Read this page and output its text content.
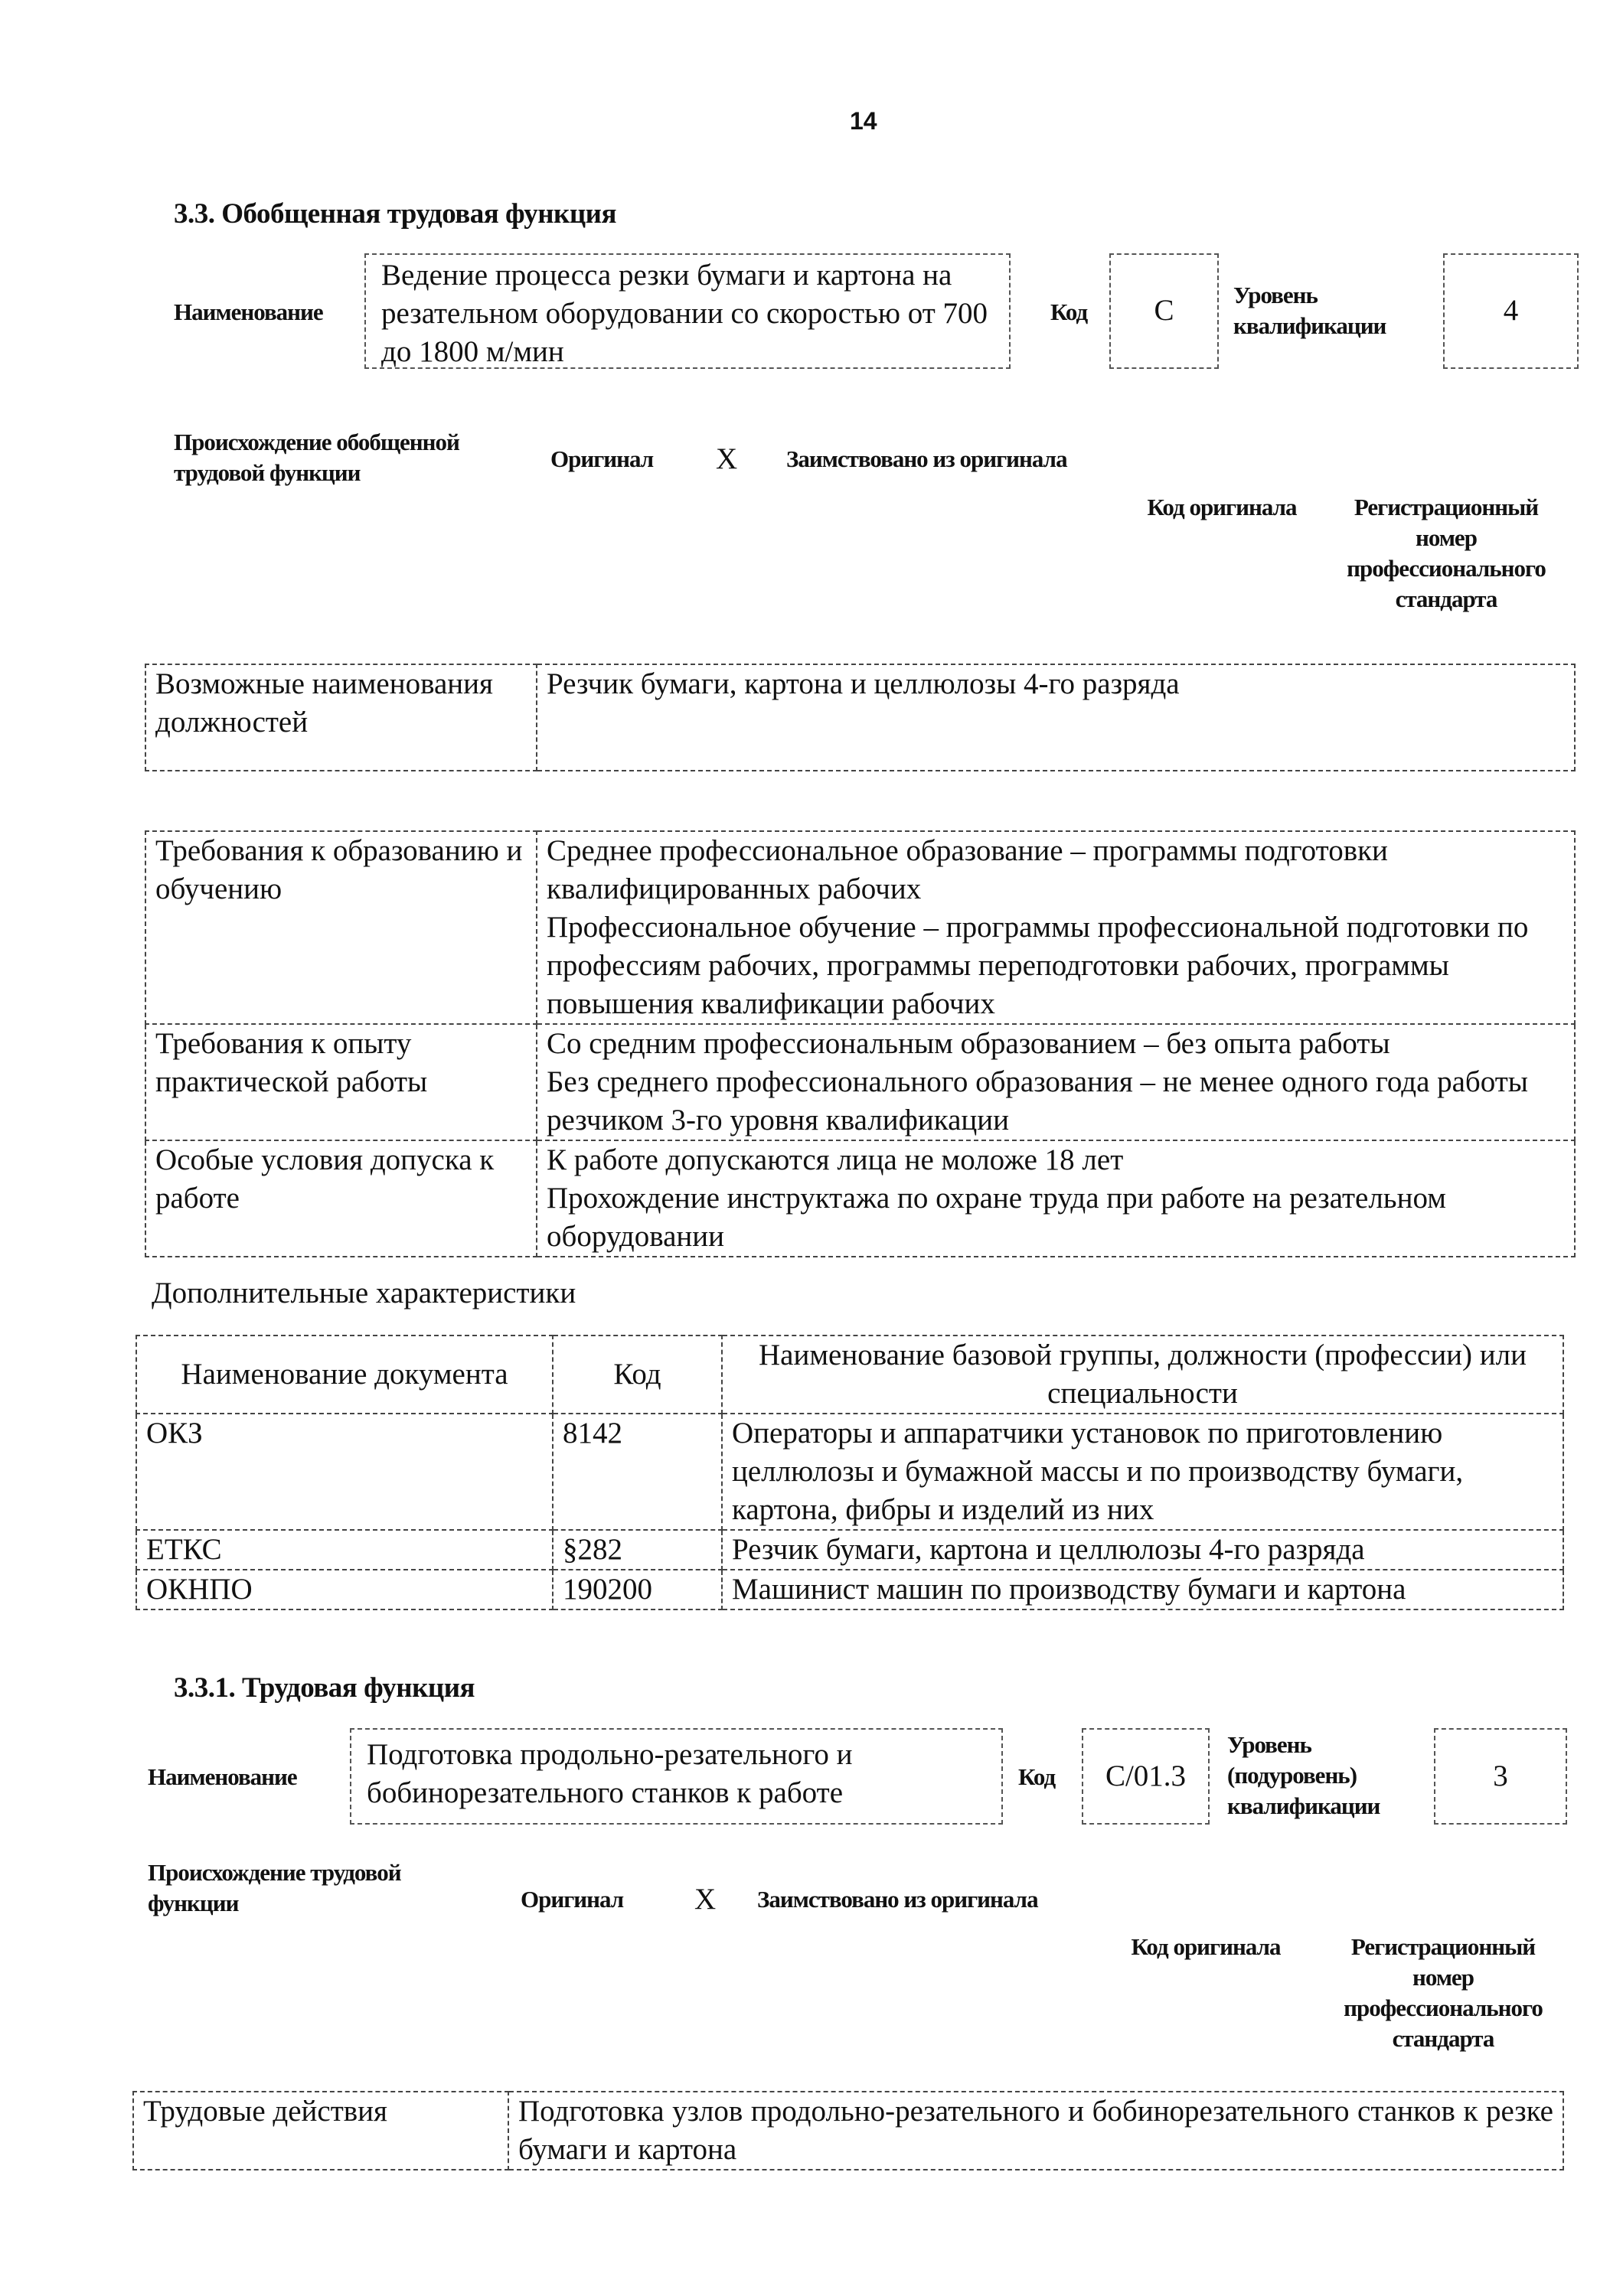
14
3.3. Обобщенная трудовая функция
Наименование
Ведение процесса резки бумаги и картона на резательном оборудовании со скоростью от 700 до 1800 м/мин
Код	C	Уровень квалификации	4
Происхождение обобщенной трудовой функции
Оригинал X Заимствовано из оригинала
Код оригинала	Регистрационный номер профессионального стандарта
Возможные наименования должностей	Резчик бумаги, картона и целлюлозы 4-го разряда
Требования к образованию и обучению	Среднее профессиональное образование – программы подготовки квалифицированных рабочих
Профессиональное обучение – программы профессиональной подготовки по профессиям рабочих, программы переподготовки рабочих, программы повышения квалификации рабочих

Требования к опыту практической работы	Со средним профессиональным образованием – без опыта работы
Без среднего профессионального образования – не менее одного года работы резчиком 3-го уровня квалификации

Особые условия допуска к работе	К работе допускаются лица не моложе 18 лет
Прохождение инструктажа по охране труда при работе на резательном оборудовании
Дополнительные характеристики
Наименование документа	Код	Наименование базовой группы, должности (профессии) или специальности
ОКЗ	8142	Операторы и аппаратчики установок по приготовлению целлюлозы и бумажной массы и по производству бумаги, картона, фибры и изделий из них
ЕТКС	§282	Резчик бумаги, картона и целлюлозы 4-го разряда
ОКНПО	190200	Машинист машин по производству бумаги и картона
3.3.1. Трудовая функция
Наименование
Подготовка продольно-резательного и бобинорезательного станков к работе	Код	C/01.3
Уровень (подуровень) квалификации
3
Происхождение трудовой функции	Оригинал X Заимствовано из оригинала
Код оригинала	Регистрационный номер профессионального стандарта
Трудовые действия	Подготовка узлов продольно-резательного и бобинорезательного станков к резке бумаги и картона
